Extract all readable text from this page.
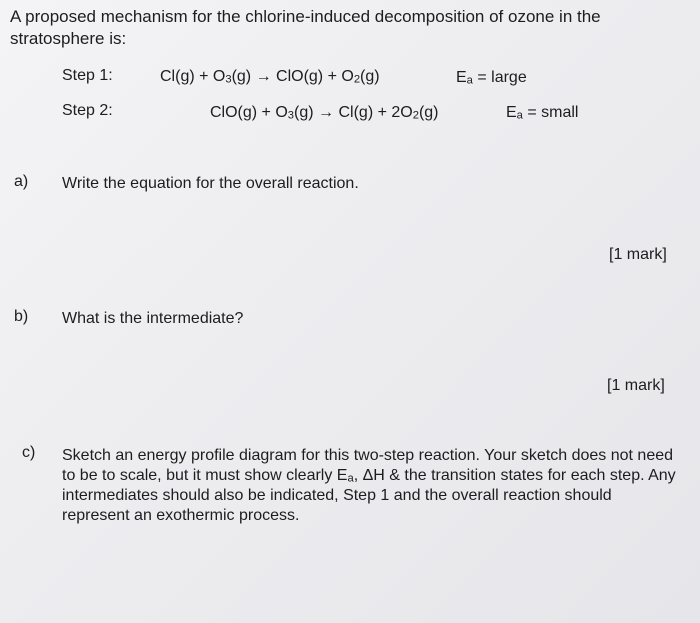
A proposed mechanism for the chlorine-induced decomposition of ozone in the stratosphere is:
Step 1:	$Cl(g) + O_3(g) \to ClO(g) + O_2(g)$	$E_a$ = large
Step 2:	$ClO(g) + O_3(g) \to Cl(g) + 2O_2(g)$	$E_a$ = small
a) Write the equation for the overall reaction.
[1 mark]
b) What is the intermediate?
[1 mark]
c) Sketch an energy profile diagram for this two-step reaction. Your sketch does not need to be to scale, but it must show clearly $E_a$, ΔH & the transition states for each step. Any intermediates should also be indicated, Step 1 and the overall reaction should represent an exothermic process.
